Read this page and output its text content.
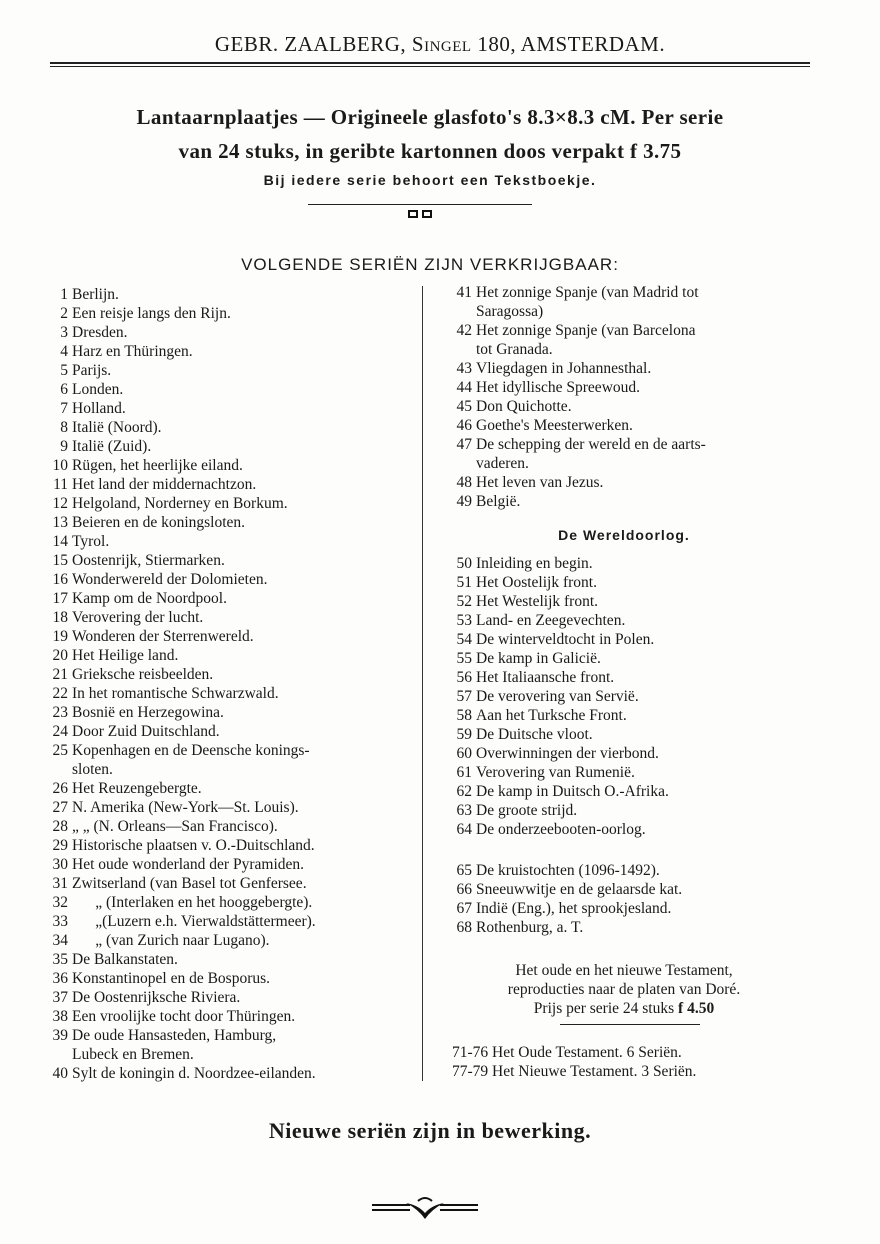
GEBR. ZAALBERG, Singel 180, AMSTERDAM.
Lantaarnplaatjes — Origineele glasfoto's 8.3×8.3 cM. Per serie
van 24 stuks, in geribte kartonnen doos verpakt f 3.75
Bij iedere serie behoort een Tekstboekje.
VOLGENDE SERIËN ZIJN VERKRIJGBAAR:
1 Berlijn.
2 Een reisje langs den Rijn.
3 Dresden.
4 Harz en Thüringen.
5 Parijs.
6 Londen.
7 Holland.
8 Italië (Noord).
9 Italië (Zuid).
10 Rügen, het heerlijke eiland.
11 Het land der middernachtzon.
12 Helgoland, Norderney en Borkum.
13 Beieren en de koningsloten.
14 Tyrol.
15 Oostenrijk, Stiermarken.
16 Wonderwereld der Dolomieten.
17 Kamp om de Noordpool.
18 Verovering der lucht.
19 Wonderen der Sterrenwereld.
20 Het Heilige land.
21 Grieksche reisbeelden.
22 In het romantische Schwarzwald.
23 Bosnië en Herzegowina.
24 Door Zuid Duitschland.
25 Kopenhagen en de Deensche konings-
sloten.
26 Het Reuzengebergte.
27 N. Amerika (New-York—St. Louis).
28 „ „ (N. Orleans—San Francisco).
29 Historische plaatsen v. O.-Duitschland.
30 Het oude wonderland der Pyramiden.
31 Zwitserland (van Basel tot Genfersee.
32 „ (Interlaken en het hooggebergte).
33 „(Luzern e.h. Vierwaldstättermeer).
34 „ (van Zurich naar Lugano).
35 De Balkanstaten.
36 Konstantinopel en de Bosporus.
37 De Oostenrijksche Riviera.
38 Een vroolijke tocht door Thüringen.
39 De oude Hansasteden, Hamburg,
Lubeck en Bremen.
40 Sylt de koningin d. Noordzee-eilanden.
41 Het zonnige Spanje (van Madrid tot
Saragossa)
42 Het zonnige Spanje (van Barcelona
tot Granada.
43 Vliegdagen in Johannesthal.
44 Het idyllische Spreewoud.
45 Don Quichotte.
46 Goethe's Meesterwerken.
47 De schepping der wereld en de aarts-
vaderen.
48 Het leven van Jezus.
49 België.
De Wereldoorlog.
50 Inleiding en begin.
51 Het Oostelijk front.
52 Het Westelijk front.
53 Land- en Zeegevechten.
54 De winterveldtocht in Polen.
55 De kamp in Galicië.
56 Het Italiaansche front.
57 De verovering van Servië.
58 Aan het Turksche Front.
59 De Duitsche vloot.
60 Overwinningen der vierbond.
61 Verovering van Rumenië.
62 De kamp in Duitsch O.-Afrika.
63 De groote strijd.
64 De onderzeebooten-oorlog.
65 De kruistochten (1096-1492).
66 Sneeuwwitje en de gelaarsde kat.
67 Indië (Eng.), het sprookjesland.
68 Rothenburg, a. T.
Het oude en het nieuwe Testament,
reproducties naar de platen van Doré.
Prijs per serie 24 stuks f 4.50
71-76 Het Oude Testament. 6 Seriën.
77-79 Het Nieuwe Testament. 3 Seriën.
Nieuwe seriën zijn in bewerking.
